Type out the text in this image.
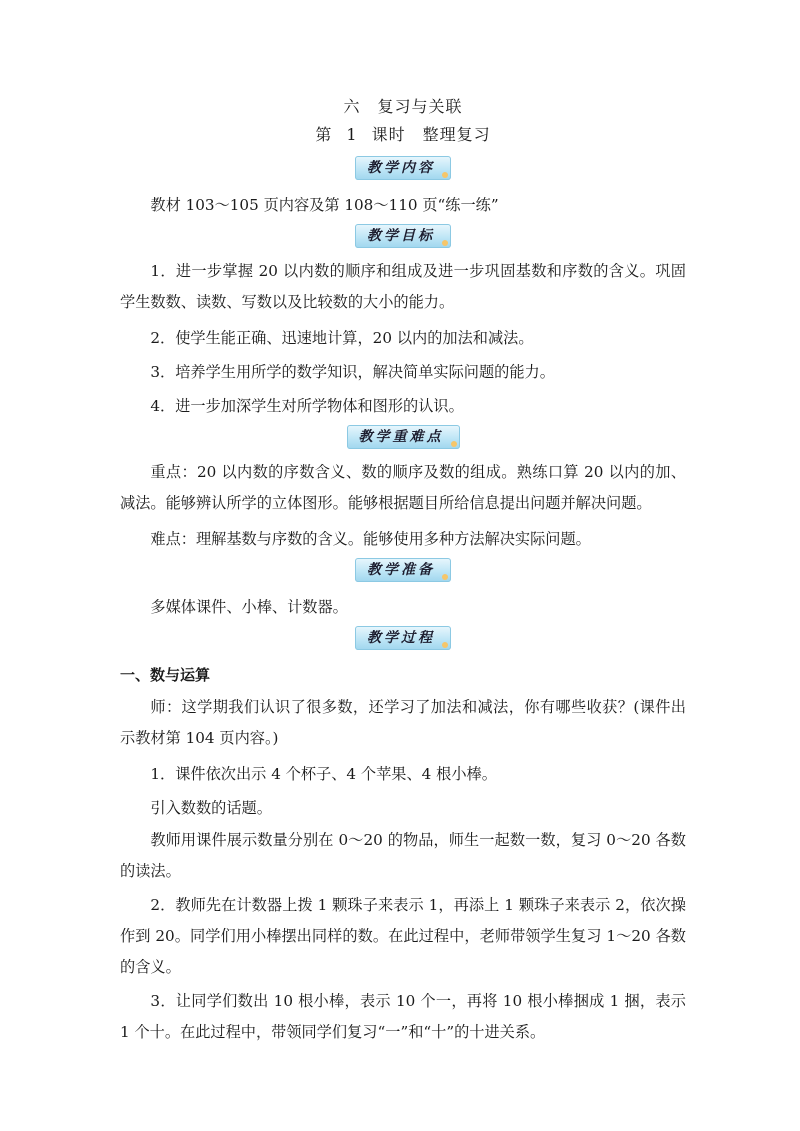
六　复习与关联
第 1 课时　整理复习
教学内容

教材 103～105 页内容及第 108～110 页“练一练”

教学目标

1．进一步掌握 20 以内数的顺序和组成及进一步巩固基数和序数的含义。巩固学生数数、读数、写数以及比较数的大小的能力。

2．使学生能正确、迅速地计算，20 以内的加法和减法。

3．培养学生用所学的数学知识，解决简单实际问题的能力。

4．进一步加深学生对所学物体和图形的认识。

教学重难点

重点：20 以内数的序数含义、数的顺序及数的组成。熟练口算 20 以内的加、减法。能够辨认所学的立体图形。能够根据题目所给信息提出问题并解决问题。

难点：理解基数与序数的含义。能够使用多种方法解决实际问题。

教学准备

多媒体课件、小棒、计数器。

教学过程

一、数与运算

师：这学期我们认识了很多数，还学习了加法和减法，你有哪些收获？(课件出示教材第 104 页内容。)

1．课件依次出示 4 个杯子、4 个苹果、4 根小棒。

引入数数的话题。

教师用课件展示数量分别在 0～20 的物品，师生一起数一数，复习 0～20 各数的读法。

2．教师先在计数器上拨 1 颗珠子来表示 1，再添上 1 颗珠子来表示 2，依次操作到 20。同学们用小棒摆出同样的数。在此过程中，老师带领学生复习 1～20 各数的含义。

3．让同学们数出 10 根小棒，表示 10 个一，再将 10 根小棒捆成 1 捆，表示 1 个十。在此过程中，带领同学们复习“一”和“十”的十进关系。
